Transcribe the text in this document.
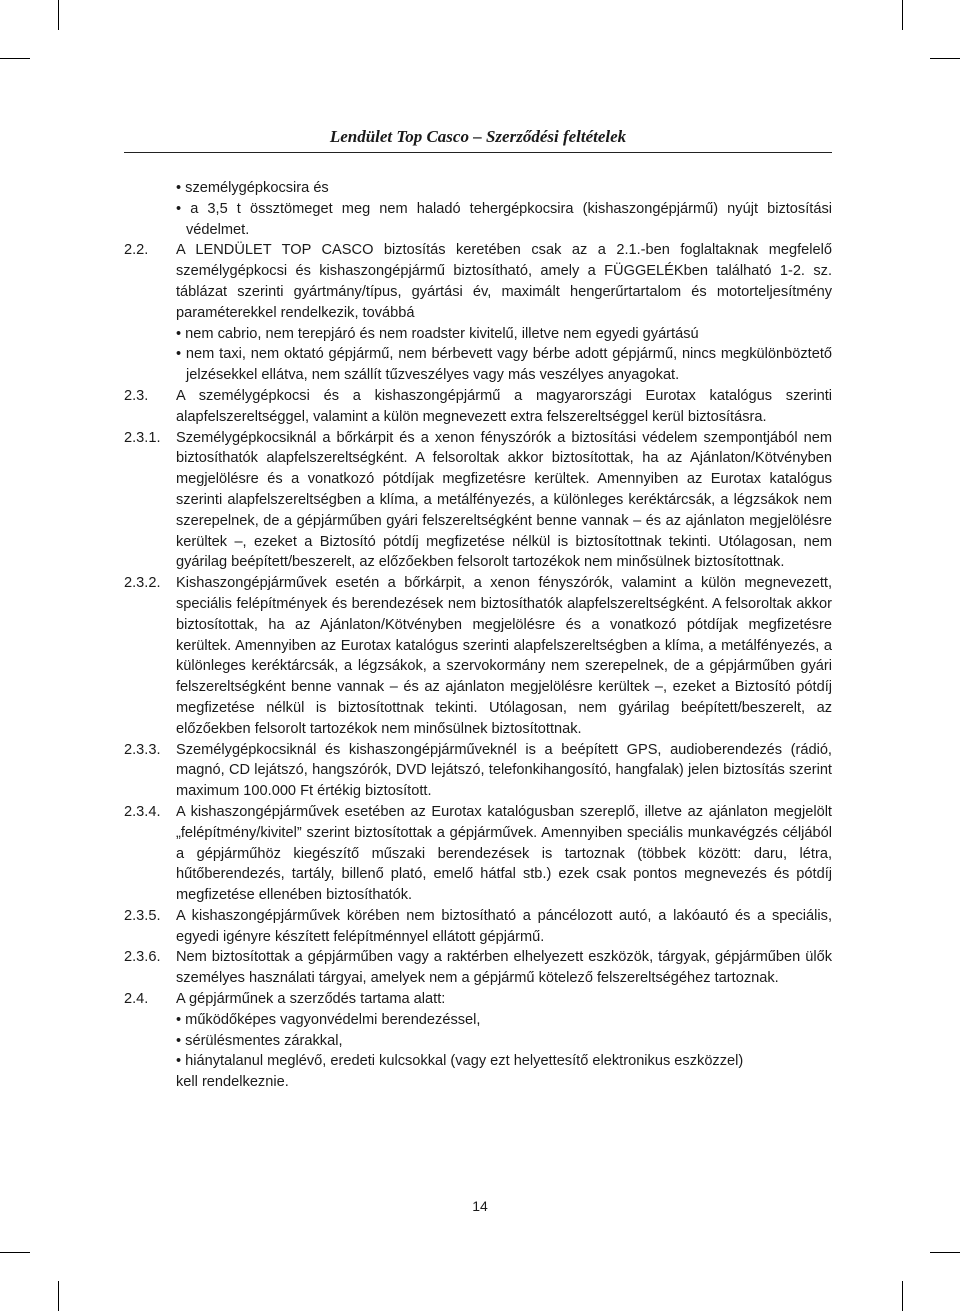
Lendület Top Casco – Szerződési feltételek
• személygépkocsira és
• a 3,5 t össztömeget meg nem haladó tehergépkocsira (kishaszongépjármű) nyújt biztosítási védelmet.
2.2. A LENDÜLET TOP CASCO biztosítás keretében csak az a 2.1.-ben foglaltaknak megfelelő személygépkocsi és kishaszongépjármű biztosítható, amely a FÜGGELÉKben található 1-2. sz. táblázat szerinti gyártmány/típus, gyártási év, maximált hengerűrtartalom és motorteljesítmény paraméterekkel rendelkezik, továbbá
• nem cabrio, nem terepjáró és nem roadster kivitelű, illetve nem egyedi gyártású
• nem taxi, nem oktató gépjármű, nem bérbevett vagy bérbe adott gépjármű, nincs megkülönböztető jelzésekkel ellátva, nem szállít tűzveszélyes vagy más veszélyes anyagokat.
2.3. A személygépkocsi és a kishaszongépjármű a magyarországi Eurotax katalógus szerinti alapfelszereltséggel, valamint a külön megnevezett extra felszereltséggel kerül biztosításra.
2.3.1. Személygépkocsiknál a bőrkárpit és a xenon fényszórók a biztosítási védelem szempontjából nem biztosíthatók alapfelszereltségként. A felsoroltak akkor biztosítottak, ha az Ajánlaton/Kötvényben megjelölésre és a vonatkozó pótdíjak megfizetésre kerültek. Amennyiben az Eurotax katalógus szerinti alapfelszereltségben a klíma, a metálfényezés, a különleges keréktárcsák, a légzsákok nem szerepelnek, de a gépjárműben gyári felszereltségként benne vannak – és az ajánlaton megjelölésre kerültek –, ezeket a Biztosító pótdíj megfizetése nélkül is biztosítottnak tekinti. Utólagosan, nem gyárilag beépített/beszerelt, az előzőekben felsorolt tartozékok nem minősülnek biztosítottnak.
2.3.2. Kishaszongépjárművek esetén a bőrkárpit, a xenon fényszórók, valamint a külön megnevezett, speciális felépítmények és berendezések nem biztosíthatók alapfelszereltségként. A felsoroltak akkor biztosítottak, ha az Ajánlaton/Kötvényben megjelölésre és a vonatkozó pótdíjak megfizetésre kerültek. Amennyiben az Eurotax katalógus szerinti alapfelszereltségben a klíma, a metálfényezés, a különleges keréktárcsák, a légzsákok, a szervokormány nem szerepelnek, de a gépjárműben gyári felszereltségként benne vannak – és az ajánlaton megjelölésre kerültek –, ezeket a Biztosító pótdíj megfizetése nélkül is biztosítottnak tekinti. Utólagosan, nem gyárilag beépített/beszerelt, az előzőekben felsorolt tartozékok nem minősülnek biztosítottnak.
2.3.3. Személygépkocsiknál és kishaszongépjárműveknél is a beépített GPS, audioberendezés (rádió, magnó, CD lejátszó, hangszórók, DVD lejátszó, telefonkihangosító, hangfalak) jelen biztosítás szerint maximum 100.000 Ft értékig biztosított.
2.3.4. A kishaszongépjárművek esetében az Eurotax katalógusban szereplő, illetve az ajánlaton megjelölt „felépítmény/kivitel” szerint biztosítottak a gépjárművek. Amennyiben speciális munkavégzés céljából a gépjárműhöz kiegészítő műszaki berendezések is tartoznak (többek között: daru, létra, hűtőberendezés, tartály, billenő plató, emelő hátfal stb.) ezek csak pontos megnevezés és pótdíj megfizetése ellenében biztosíthatók.
2.3.5. A kishaszongépjárművek körében nem biztosítható a páncélozott autó, a lakóautó és a speciális, egyedi igényre készített felépítménnyel ellátott gépjármű.
2.3.6. Nem biztosítottak a gépjárműben vagy a raktérben elhelyezett eszközök, tárgyak, gépjárműben ülők személyes használati tárgyai, amelyek nem a gépjármű kötelező felszereltségéhez tartoznak.
2.4. A gépjárműnek a szerződés tartama alatt:
• működőképes vagyonvédelmi berendezéssel,
• sérülésmentes zárakkal,
• hiánytalanul meglévő, eredeti kulcsokkal (vagy ezt helyettesítő elektronikus eszközzel)
kell rendelkeznie.
14
